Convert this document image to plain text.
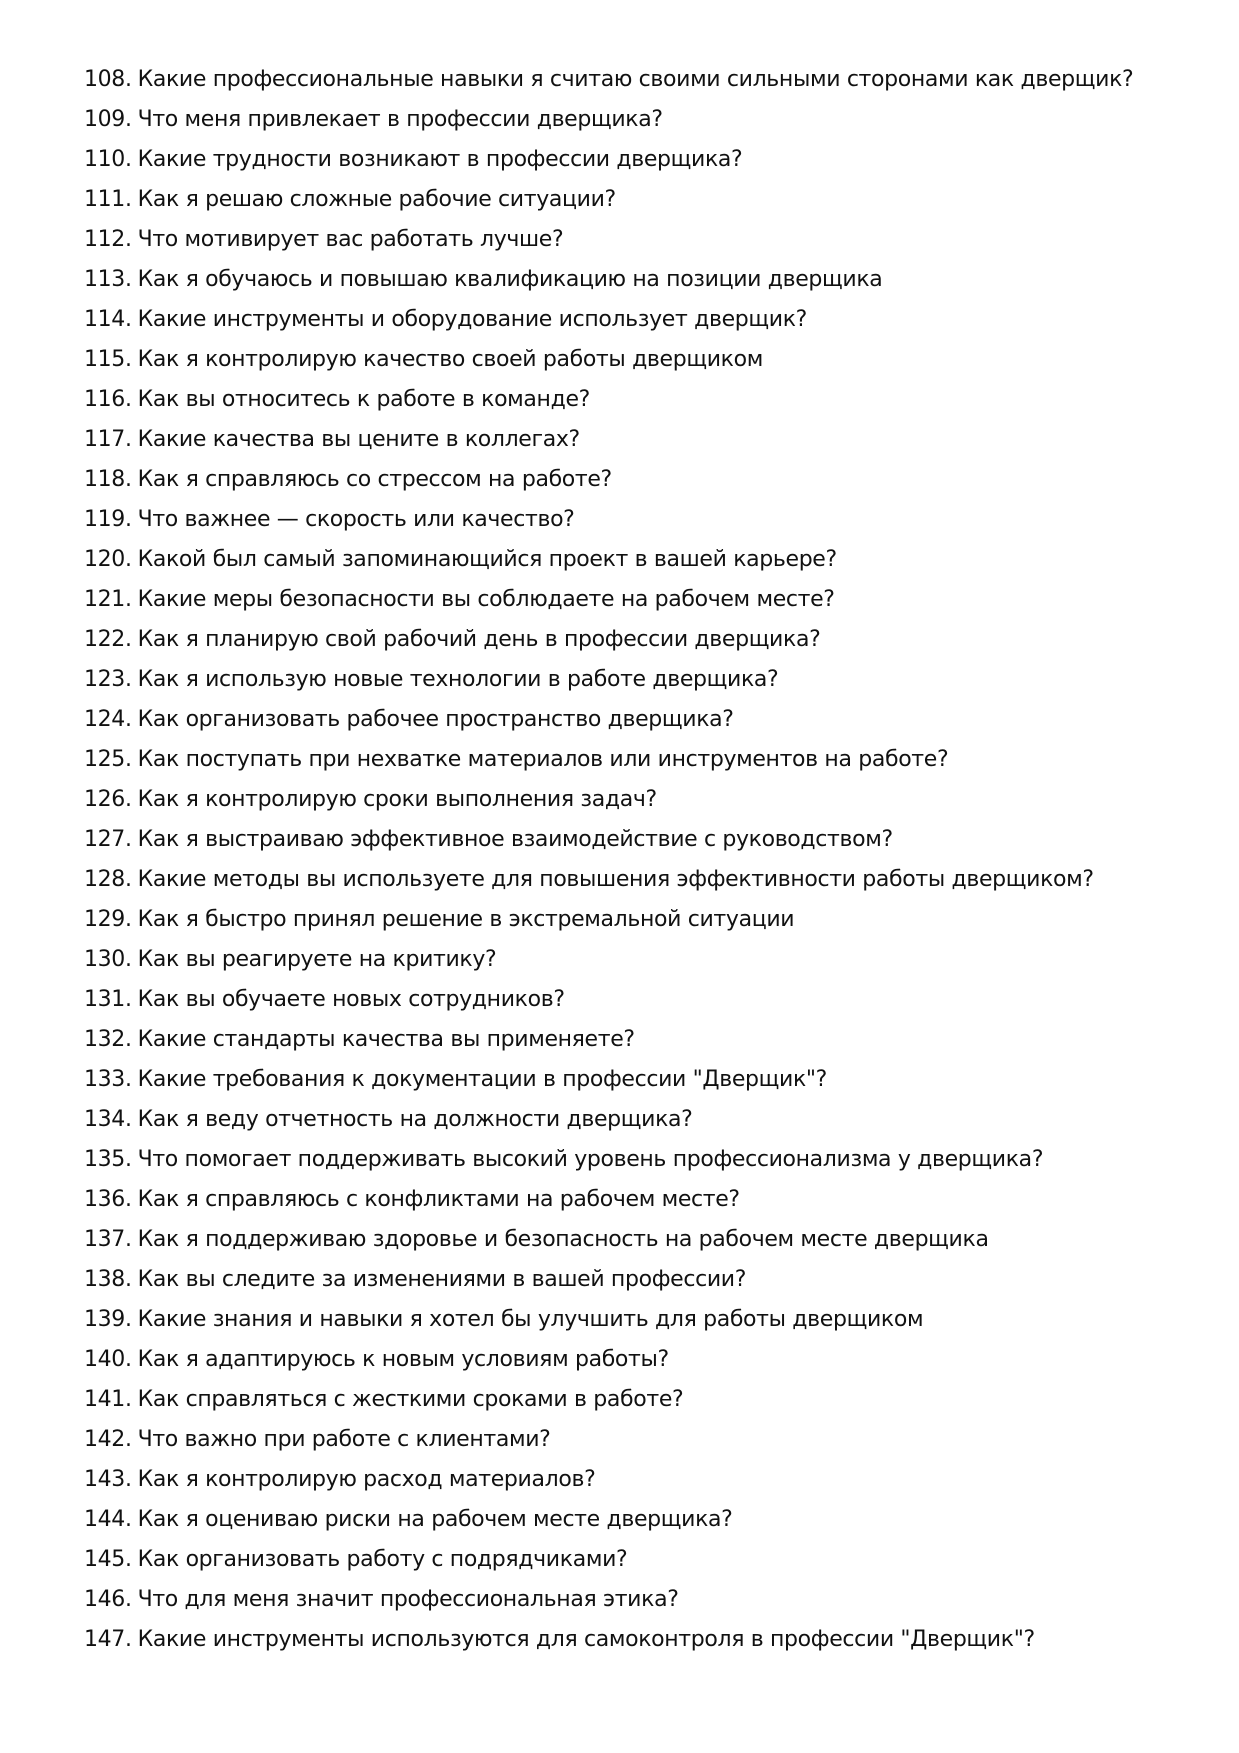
108. Какие профессиональные навыки я считаю своими сильными сторонами как дверщик?
109. Что меня привлекает в профессии дверщика?
110. Какие трудности возникают в профессии дверщика?
111. Как я решаю сложные рабочие ситуации?
112. Что мотивирует вас работать лучше?
113. Как я обучаюсь и повышаю квалификацию на позиции дверщика
114. Какие инструменты и оборудование использует дверщик?
115. Как я контролирую качество своей работы дверщиком
116. Как вы относитесь к работе в команде?
117. Какие качества вы цените в коллегах?
118. Как я справляюсь со стрессом на работе?
119. Что важнее — скорость или качество?
120. Какой был самый запоминающийся проект в вашей карьере?
121. Какие меры безопасности вы соблюдаете на рабочем месте?
122. Как я планирую свой рабочий день в профессии дверщика?
123. Как я использую новые технологии в работе дверщика?
124. Как организовать рабочее пространство дверщика?
125. Как поступать при нехватке материалов или инструментов на работе?
126. Как я контролирую сроки выполнения задач?
127. Как я выстраиваю эффективное взаимодействие с руководством?
128. Какие методы вы используете для повышения эффективности работы дверщиком?
129. Как я быстро принял решение в экстремальной ситуации
130. Как вы реагируете на критику?
131. Как вы обучаете новых сотрудников?
132. Какие стандарты качества вы применяете?
133. Какие требования к документации в профессии "Дверщик"?
134. Как я веду отчетность на должности дверщика?
135. Что помогает поддерживать высокий уровень профессионализма у дверщика?
136. Как я справляюсь с конфликтами на рабочем месте?
137. Как я поддерживаю здоровье и безопасность на рабочем месте дверщика
138. Как вы следите за изменениями в вашей профессии?
139. Какие знания и навыки я хотел бы улучшить для работы дверщиком
140. Как я адаптируюсь к новым условиям работы?
141. Как справляться с жесткими сроками в работе?
142. Что важно при работе с клиентами?
143. Как я контролирую расход материалов?
144. Как я оцениваю риски на рабочем месте дверщика?
145. Как организовать работу с подрядчиками?
146. Что для меня значит профессиональная этика?
147. Какие инструменты используются для самоконтроля в профессии "Дверщик"?
